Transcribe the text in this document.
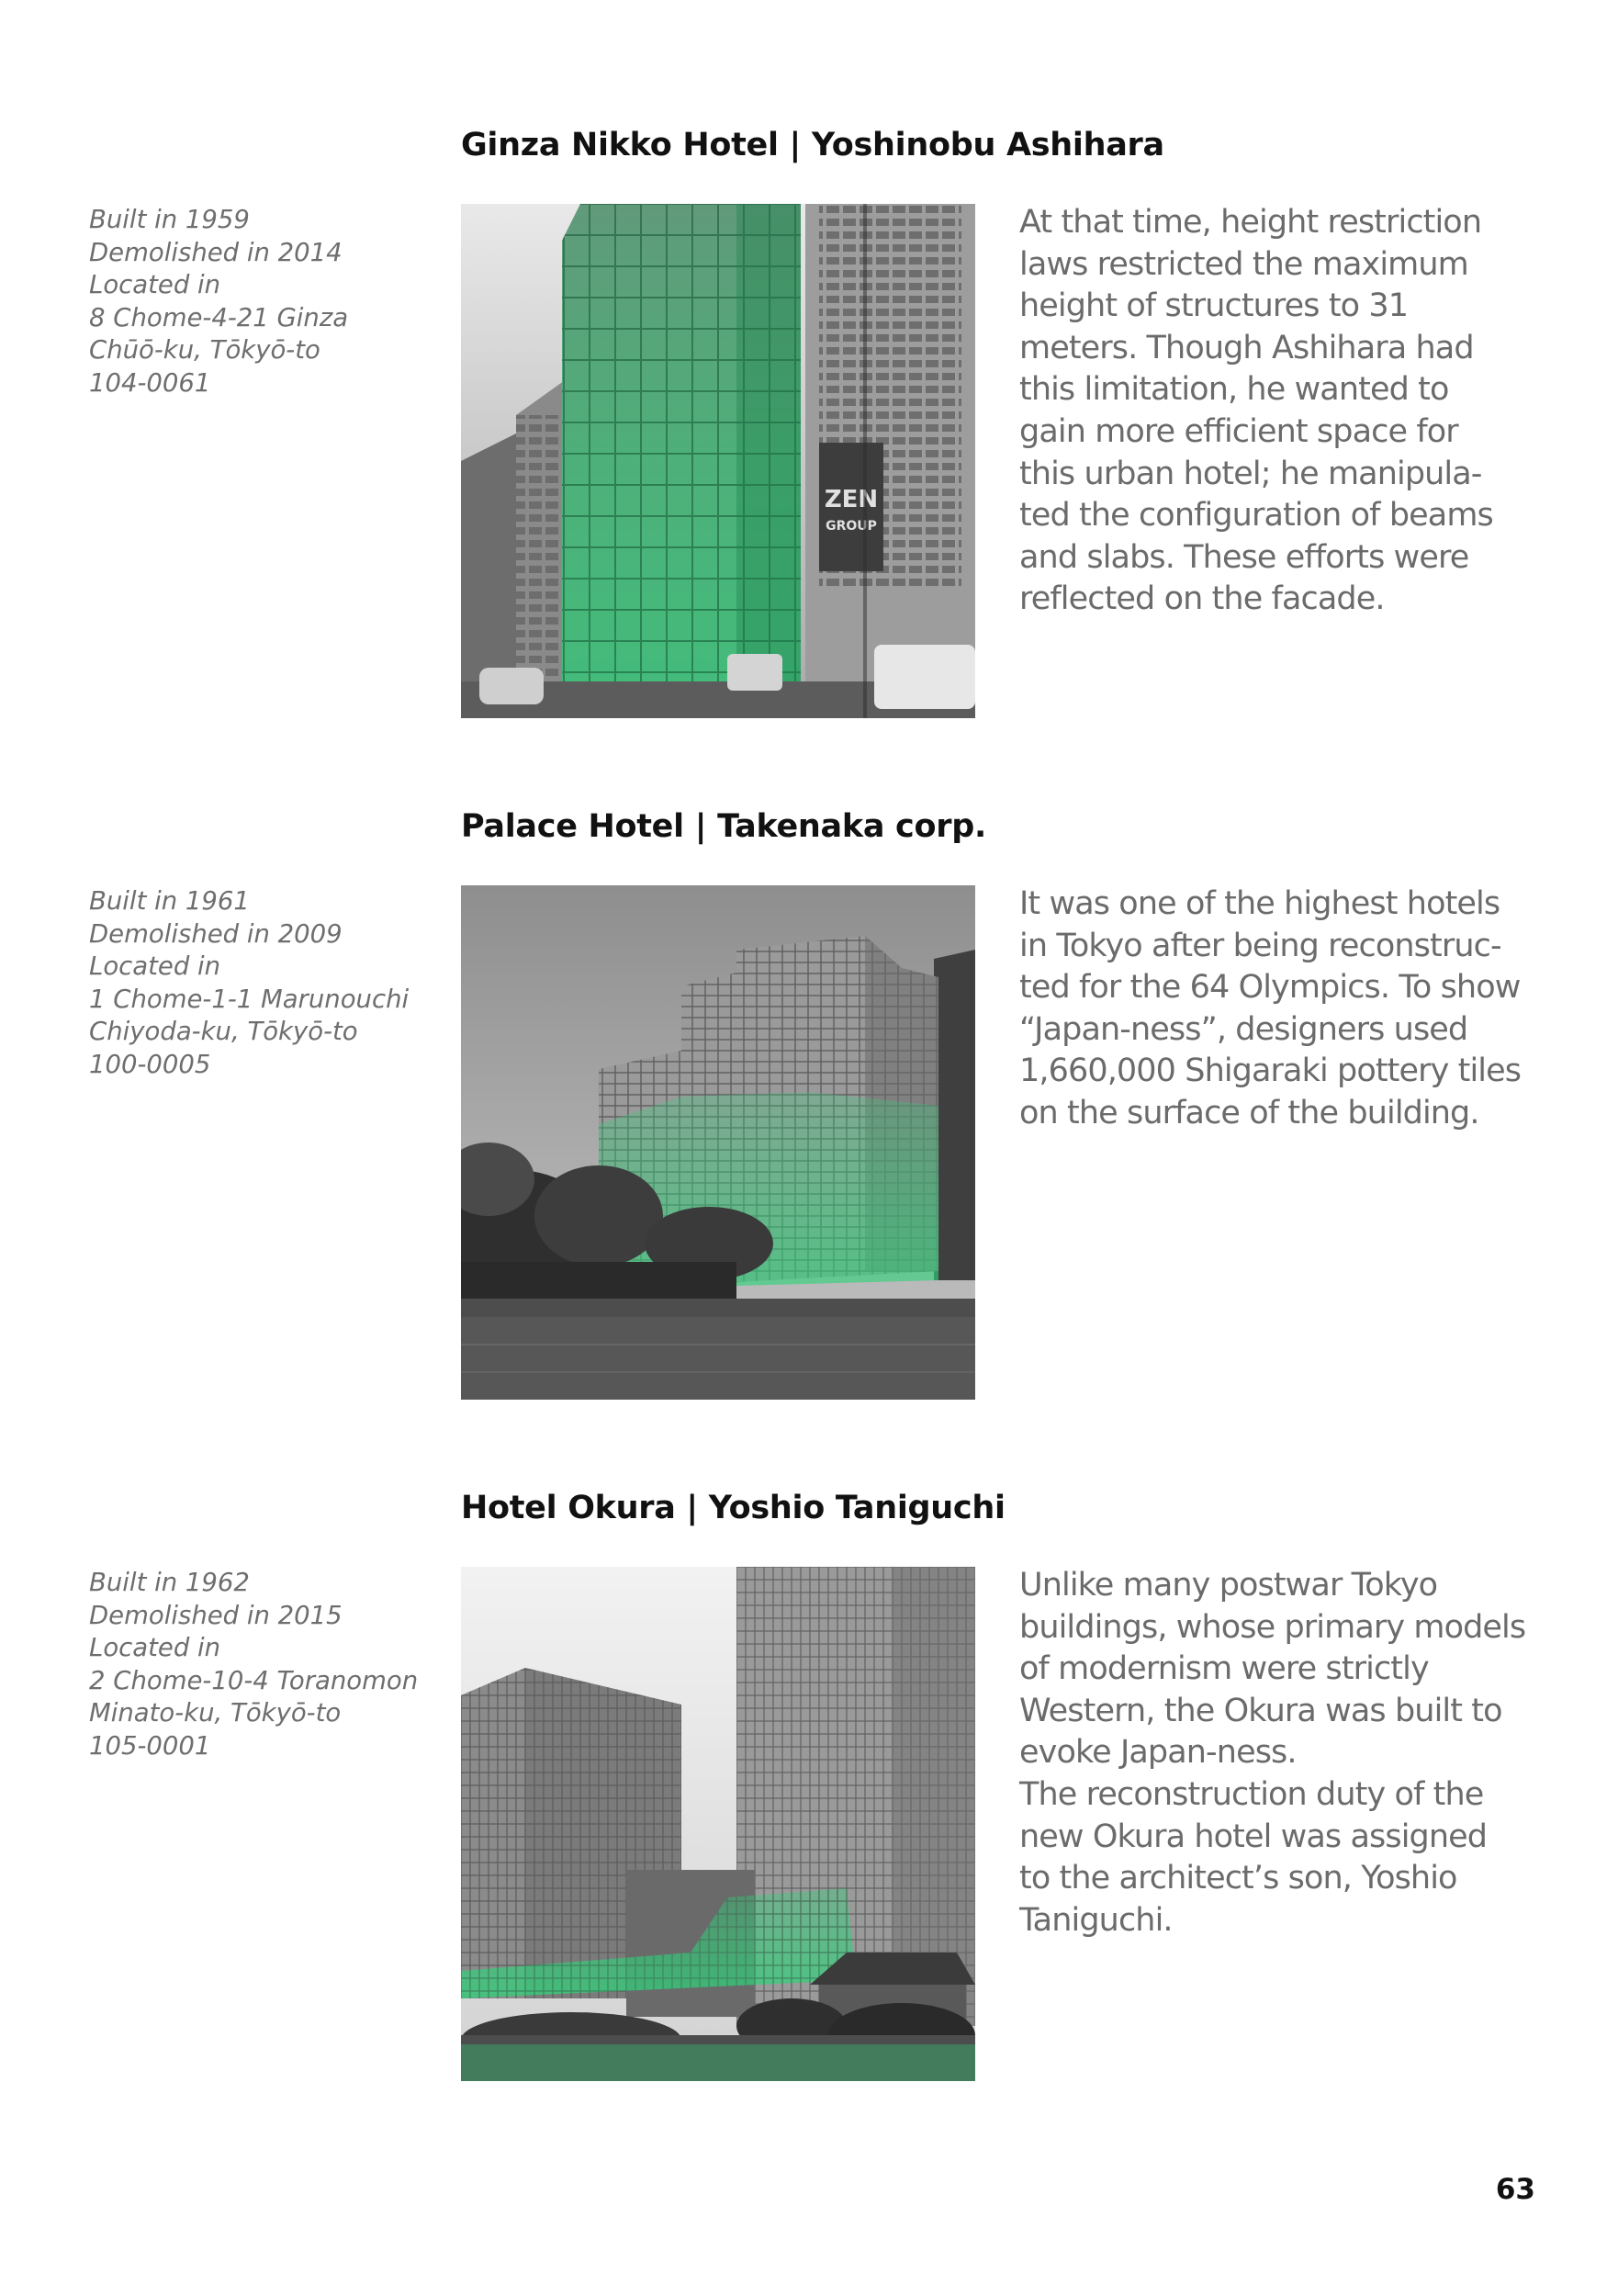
Ginza Nikko Hotel | Yoshinobu Ashihara
Built in 1959
Demolished in 2014
Located in
8 Chome-4-21 Ginza
Chūō-ku, Tōkyō-to
104-0061
ZEN
GROUP
At that time, height restriction
laws restricted the maximum
height of structures to 31
meters. Though Ashihara had
this limitation, he wanted to
gain more efficient space for
this urban hotel; he manipula-
ted the configuration of beams
and slabs. These efforts were
reflected on the facade.
Palace Hotel | Takenaka corp.
Built in 1961
Demolished in 2009
Located in
1 Chome-1-1 Marunouchi
Chiyoda-ku, Tōkyō-to
100-0005
It was one of the highest hotels
in Tokyo after being reconstruc-
ted for the 64 Olympics. To show
“Japan-ness”, designers used
1,660,000 Shigaraki pottery tiles
on the surface of the building.
Hotel Okura | Yoshio Taniguchi
Built in 1962
Demolished in 2015
Located in
2 Chome-10-4 Toranomon
Minato-ku, Tōkyō-to
105-0001
Unlike many postwar Tokyo
buildings, whose primary models
of modernism were strictly
Western, the Okura was built to
evoke Japan-ness.
The reconstruction duty of the
new Okura hotel was assigned
to the architect’s son, Yoshio
Taniguchi.
63
